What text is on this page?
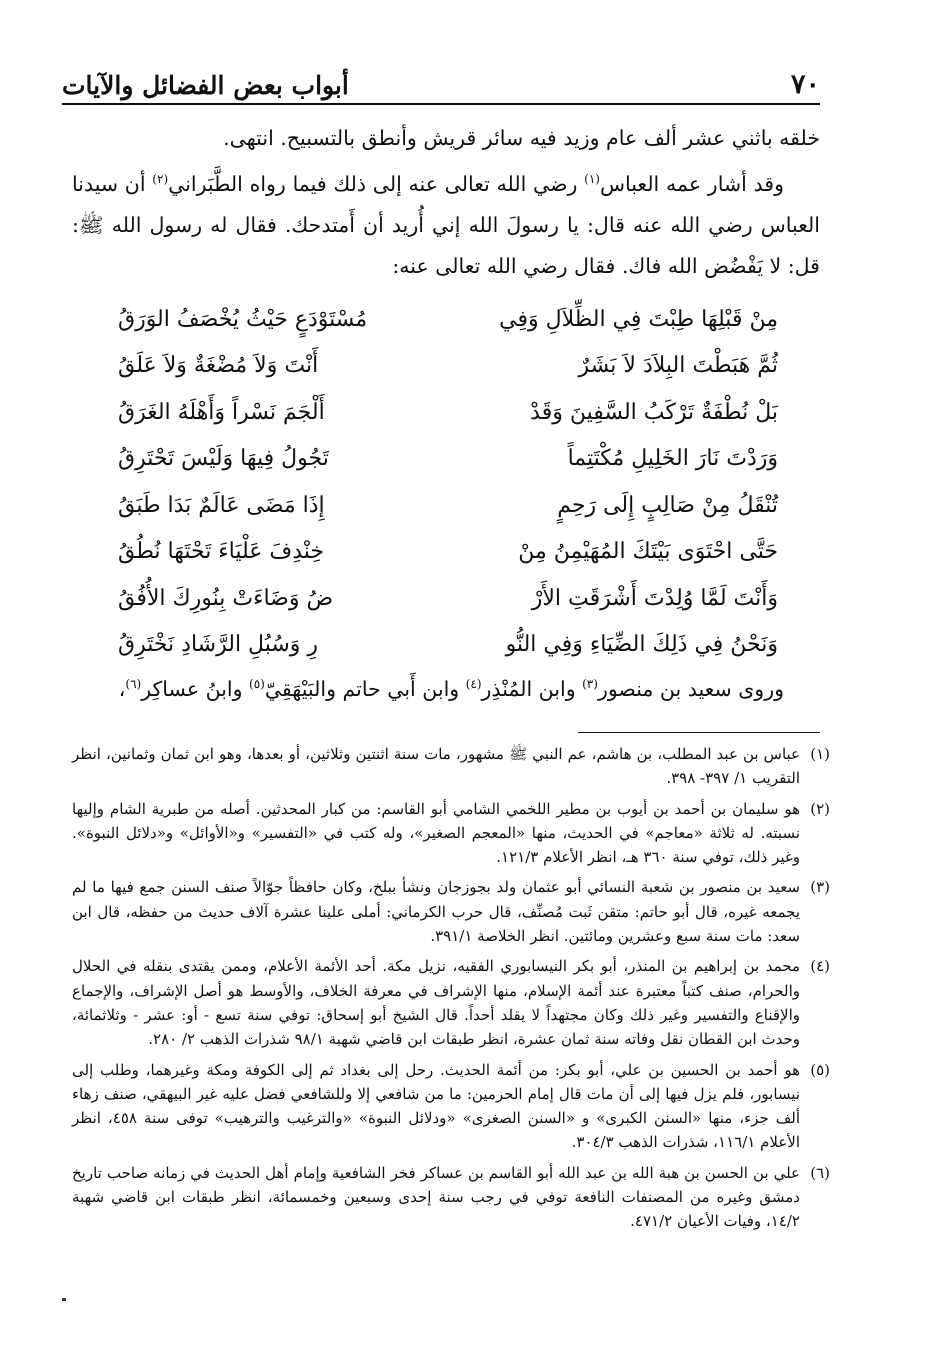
٧٠
أبواب بعض الفضائل والآيات

خلقه باثني عشر ألف عام وزيد فيه سائر قريش وأنطق بالتسبيح. انتهى.

وقد أشار عمه العباس$^{(١)}$ رضي الله تعالى عنه إلى ذلك فيما رواه الطَّبَراني$^{(٢)}$ أن سيدنا العباس رضي الله عنه قال: يا رسولَ الله إني أُريد أن أَمتدحك. فقال له رسول الله ﷺ: قل: لا يَفْضُض الله فاك. فقال رضي الله تعالى عنه:

مِنْ قَبْلِهَا طِبْتَ فِي الظِّلاَلِ وَفِي
مُسْتَوْدَعٍ حَيْثُ يُخْصَفُ الوَرَقُ
ثُمَّ هَبَطْتَ البِلاَدَ لاَ بَشَرٌ
أَنْتَ وَلاَ مُضْغَةٌ وَلاَ عَلَقُ
بَلْ نُطْفَةٌ تَرْكَبُ السَّفِينَ وَقَدْ
أَلْجَمَ نَسْراً وَأَهْلَهُ الغَرَقُ
وَرَدْتَ نَارَ الخَلِيلِ مُكْتَتِماً
تَجُولُ فِيهَا وَلَيْسَ تَحْتَرِقُ
تُنْقَلُ مِنْ صَالِبٍ إِلَى رَحِمٍ
إِذَا مَضَى عَالَمٌ بَدَا طَبَقُ
حَتَّى احْتَوَى بَيْتَكَ المُهَيْمِنُ مِنْ
خِنْدِفَ عَلْيَاءَ تَحْتَهَا نُطُقُ
وَأَنْتَ لَمَّا وُلِدْتَ أَشْرَقَتِ الأَرْ
ضُ وَضَاءَتْ بِنُورِكَ الأُفُقُ
وَنَحْنُ فِي ذَلِكَ الضِّيَاءِ وَفِي النُّو
رِ وَسُبُلِ الرَّشَادِ نَخْتَرِقُ
وروى سعيد بن منصور$^{(٣)}$ وابن المُنْذِر$^{(٤)}$ وابن أَبي حاتم والبَيْهَقِيّ$^{(٥)}$ وابنُ عساكِر$^{(٦)}$،
(١)
عباس بن عبد المطلب، بن هاشم، عم النبي ﷺ مشهور، مات سنة اثنتين وثلاثين، أو بعدها، وهو ابن ثمان وثمانين، انظر التقريب ١/ ٣٩٧- ٣٩٨.
(٢)
هو سليمان بن أحمد بن أيوب بن مطير اللخمي الشامي أبو القاسم: من كبار المحدثين. أصله من طبرية الشام وإليها نسبته. له ثلاثة «معاجم» في الحديث، منها «المعجم الصغير»، وله كتب في «التفسير» و«الأوائل» و«دلائل النبوة». وغير ذلك، توفي سنة ٣٦٠ هـ، انظر الأعلام ١٢١/٣.
(٣)
سعيد بن منصور بن شعبة النسائي أبو عثمان ولد بجوزجان ونشأ ببلخ، وكان حافظاً جوّالاً صنف السنن جمع فيها ما لم يجمعه غيره، قال أبو حاتم: متقن ثَبت مُصنِّف، قال حرب الكرماني: أملى علينا عشرة آلاف حديث من حفظه، قال ابن سعد: مات سنة سبع وعشرين ومائتين. انظر الخلاصة ٣٩١/١.
(٤)
محمد بن إبراهيم بن المنذر، أبو بكر النيسابوري الفقيه، نزيل مكة. أحد الأئمة الأعلام، وممن يقتدى بنقله في الحلال والحرام، صنف كتباً معتبرة عند أئمة الإسلام، منها الإشراف في معرفة الخلاف، والأوسط هو أصل الإشراف، والإجماع والإقناع والتفسير وغير ذلك وكان مجتهداً لا يقلد أحداً. قال الشيخ أبو إسحاق: توفي سنة تسع - أو: عشر - وثلاثمائة، وحدث ابن القطان نقل وفاته سنة ثمان عشرة، انظر طبقات ابن قاضي شهبة ٩٨/١ شذرات الذهب ٢/ ٢٨٠.
(٥)
هو أحمد بن الحسين بن علي، أبو بكر: من أئمة الحديث. رحل إلى بغداد ثم إلى الكوفة ومكة وغيرهما، وطلب إلى نيسابور، فلم يزل فيها إلى أن مات قال إمام الحرمين: ما من شافعي إلا وللشافعي فضل عليه غير البيهقي، صنف زهاء ألف جزء، منها «السنن الكبرى» و «السنن الصغرى» «ودلائل النبوة» «والترغيب والترهيب» توفى سنة ٤٥٨، انظر الأعلام ١١٦/١، شذرات الذهب ٣٠٤/٣.
(٦)
علي بن الحسن بن هبة الله بن عبد الله أبو القاسم بن عساكر فخر الشافعية وإمام أهل الحديث في زمانه صاحب تاريخ دمشق وغيره من المصنفات النافعة توفي في رجب سنة إحدى وسبعين وخمسمائة، انظر طبقات ابن قاضي شهبة ١٤/٢، وفيات الأعيان ٤٧١/٢.
